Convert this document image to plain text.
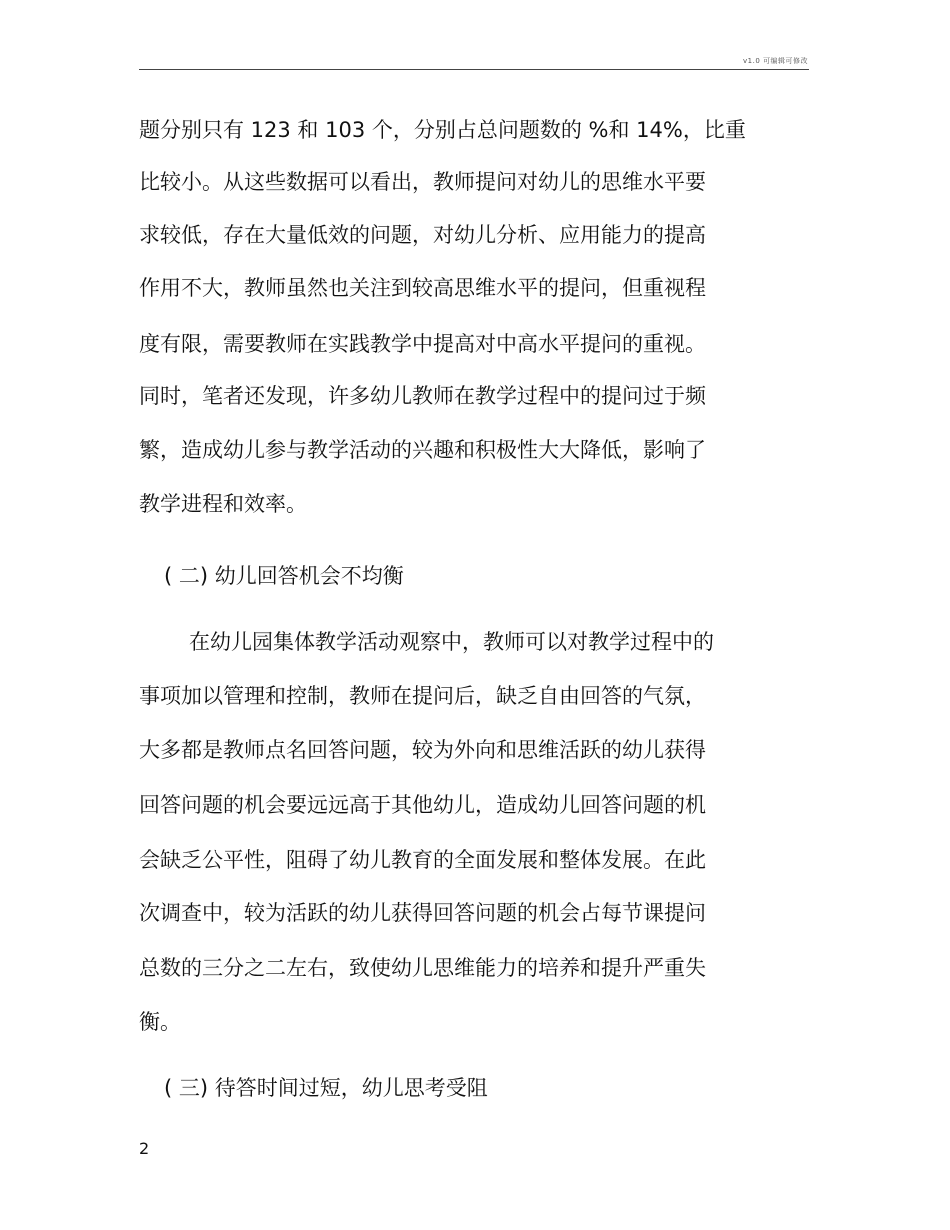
v1.0 可编辑可修改
题分别只有 123 和 103 个，分别占总问题数的 %和 14%，比重
比较小。从这些数据可以看出，教师提问对幼儿的思维水平要
求较低，存在大量低效的问题，对幼儿分析、应用能力的提高
作用不大，教师虽然也关注到较高思维水平的提问，但重视程
度有限，需要教师在实践教学中提高对中高水平提问的重视。
同时，笔者还发现，许多幼儿教师在教学过程中的提问过于频
繁，造成幼儿参与教学活动的兴趣和积极性大大降低，影响了
教学进程和效率。
( 二) 幼儿回答机会不均衡
在幼儿园集体教学活动观察中，教师可以对教学过程中的
事项加以管理和控制，教师在提问后，缺乏自由回答的气氛，
大多都是教师点名回答问题，较为外向和思维活跃的幼儿获得
回答问题的机会要远远高于其他幼儿，造成幼儿回答问题的机
会缺乏公平性，阻碍了幼儿教育的全面发展和整体发展。在此
次调查中，较为活跃的幼儿获得回答问题的机会占每节课提问
总数的三分之二左右，致使幼儿思维能力的培养和提升严重失
衡。
( 三) 待答时间过短，幼儿思考受阻
2
